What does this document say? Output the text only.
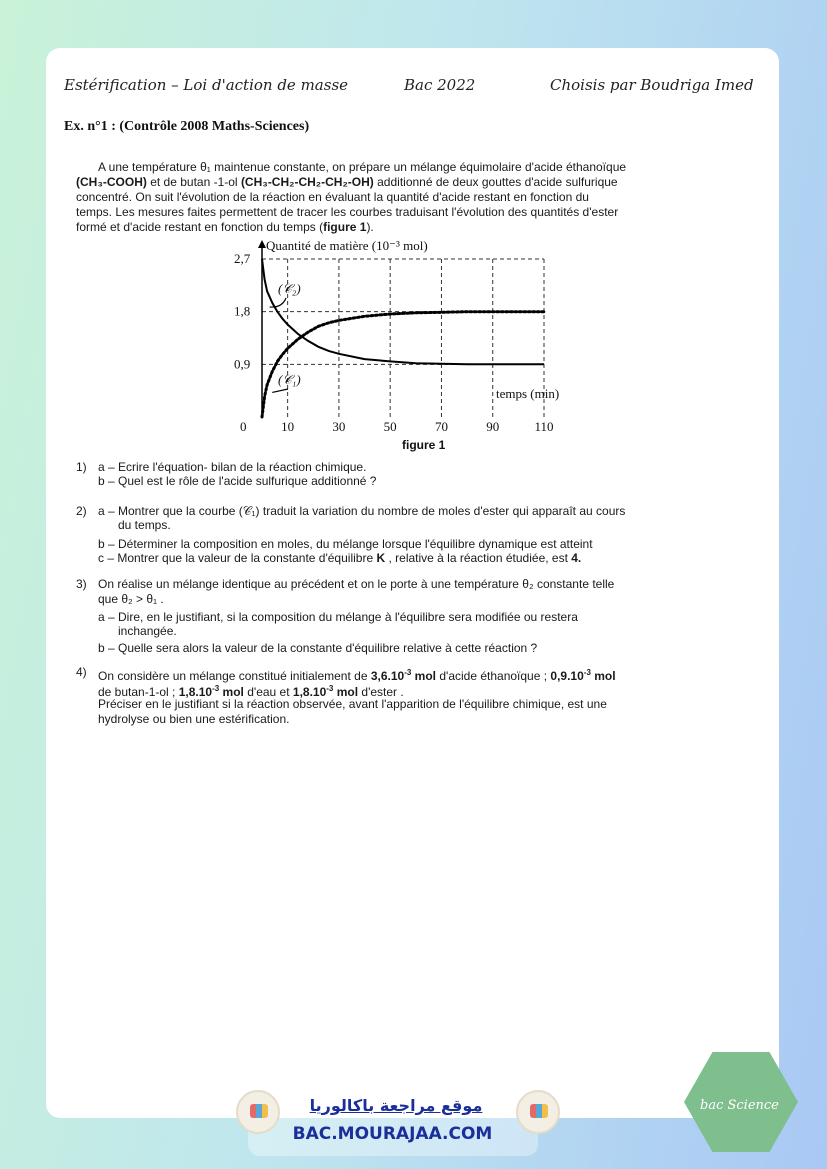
Estérification – Loi d'action de masse	Bac 2022	Choisis par Boudriga Imed
Ex. n°1 : (Contrôle 2008 Maths-Sciences)
A une température θ₁ maintenue constante, on prépare un mélange équimolaire d'acide éthanoïque
(CH₃-COOH) et de butan -1-ol (CH₃-CH₂-CH₂-CH₂-OH) additionné de deux gouttes d'acide sulfurique
concentré. On suit l'évolution de la réaction en évaluant la quantité d'acide restant en fonction du
temps. Les mesures faites permettent de tracer les courbes traduisant l'évolution des quantités d'ester
formé et d'acide restant en fonction du temps (figure 1).
10	30	50	70	90	110
0,9
1,8
2,7
0
Quantité de matière (10⁻³ mol)
temps (min)
(𝒞₂)
(𝒞₁)
figure 1
1) a – Ecrire l'équation- bilan de la réaction chimique.
b – Quel est le rôle de l'acide sulfurique additionné ?
2) a – Montrer que la courbe (𝒞₁) traduit la variation du nombre de moles d'ester qui apparaît au cours
du temps.
b – Déterminer la composition en moles, du mélange lorsque l'équilibre dynamique est atteint
c – Montrer que la valeur de la constante d'équilibre K , relative à la réaction étudiée, est 4.
3) On réalise un mélange identique au précédent et on le porte à une température θ₂ constante telle
que θ₂ > θ₁ .
a – Dire, en le justifiant, si la composition du mélange à l'équilibre sera modifiée ou restera
inchangée.
b – Quelle sera alors la valeur de la constante d'équilibre relative à cette réaction ?
4) On considère un mélange constitué initialement de $3,6.10^{-3}$ mol d'acide éthanoïque ; $0,9.10^{-3}$ mol
de butan-1-ol ; $1,8.10^{-3}$ mol d'eau et $1,8.10^{-3}$ mol d'ester .
Préciser en le justifiant si la réaction observée, avant l'apparition de l'équilibre chimique, est une
hydrolyse ou bien une estérification.
موقع مراجعة باكالوريا
BAC.MOURAJAA.COM
bac Science
